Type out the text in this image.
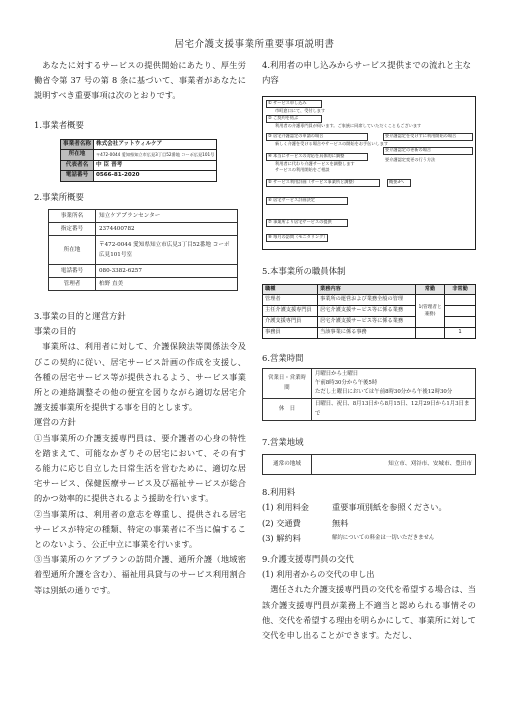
居宅介護支援事業所重要事項説明書

あなたに対するサービスの提供開始にあたり、厚生労働省令第 37 号の第 8 条に基づいて、事業者があなたに説明すべき重要事項は次のとおりです。

1.事業者概要

事業者名称	株式会社アットウィルケア
所在地	〒472-0044 愛知県知立市広見3丁目52番地 コーポ広見101号
代表者名	中 臣 晋考
電話番号	0566-81-2020

2.事業所概要

事業所名	知立ケアプランセンター
指定番号	2374400782
所在地	〒472-0044 愛知県知立市広見3丁目52番地 コーポ広見101号室
電話番号	080-3382-6257
管理者	柏野 直美

3.事業の目的と運営方針

事業の目的

事業所は、利用者に対して、介護保険法等関係法令及びこの契約に従い、居宅サービス計画の作成を支援し、各種の居宅サービス等が提供されるよう、サービス事業所との連絡調整その他の便宜を図りながら適切な居宅介護支援事業所を提供する事を目的とします。

運営の方針

①当事業所の介護支援専門員は、要介護者の心身の特性を踏まえて、可能なかぎりその居宅において、その有する能力に応じ自立した日常生活を営むために、適切な居宅サービス、保健医療サービス及び福祉サービスが総合的かつ効率的に提供されるよう援助を行います。

②当事業所は、利用者の意志を尊重し、提供される居宅サービスが特定の種類、特定の事業者に不当に偏することのないよう、公正中立に事業を行います。

③当事業所のケアプランの訪問介護、通所介護（地域密着型通所介護を含む）、福祉用具貸与のサービス利用割合等は別紙の通りです。

4.利用者の申し込みからサービス提供までの流れと主な内容

① サービス申し込み
市町窓口にて、受付します
② ご契約を結ぶ
利用者の介護専門員が伺います。ご家族に同席していただくこともございます
③ 居宅介護認定の申請の場合	要介護認定を受けずに利用開始の場合
新しく介護を受ける場合やサービスの開始をお手伝いします
要介護認定の更新の場合
④ 本当にサービスの対応を具体的に調整
要介護認定変更の行う方法
利用者に代わり介護サービスを調整します
サービスの利用開始をご相談
⑤ サービス利用計画（サービス事業所と調整）	概要3へ
⑥ 居宅サービス計画決定
⑦ 事業所より居宅サービスの提供
⑧ 毎月の訪問（モニタリング）

5.本事業所の職員体制

職種	業務内容	常勤	非常勤
管理者	事業所の運営および業務全般の管理	1(管理者と兼務)	
主任介護支援専門員	居宅介護支援サービス等に係る業務		
介護支援専門員	居宅介護支援サービス等に係る業務		
事務員	当該事業に係る事務		1

6.営業時間

営業日・営業時間	月曜日から土曜日
午前8時30分から午後5時
ただし土曜日においては午前8時30分から午後12時30分
休　日	日曜日、祝日、8月13日から8月15日、12月29日から1月3日まで

7.営業地域

通常の地域	知立市、刈谷市、安城市、豊田市

8.利用料

(1) 利用料金	重要事項別紙を参照ください。
(2) 交通費	無料
(3) 解約料	解約についての料金は一切いただきません

9.介護支援専門員の交代

(1) 利用者からの交代の申し出

選任された介護支援専門員の交代を希望する場合は、当該介護支援専門員が業務上不適当と認められる事情その他、交代を希望する理由を明らかにして、事業所に対して交代を申し出ることができます。ただし、
